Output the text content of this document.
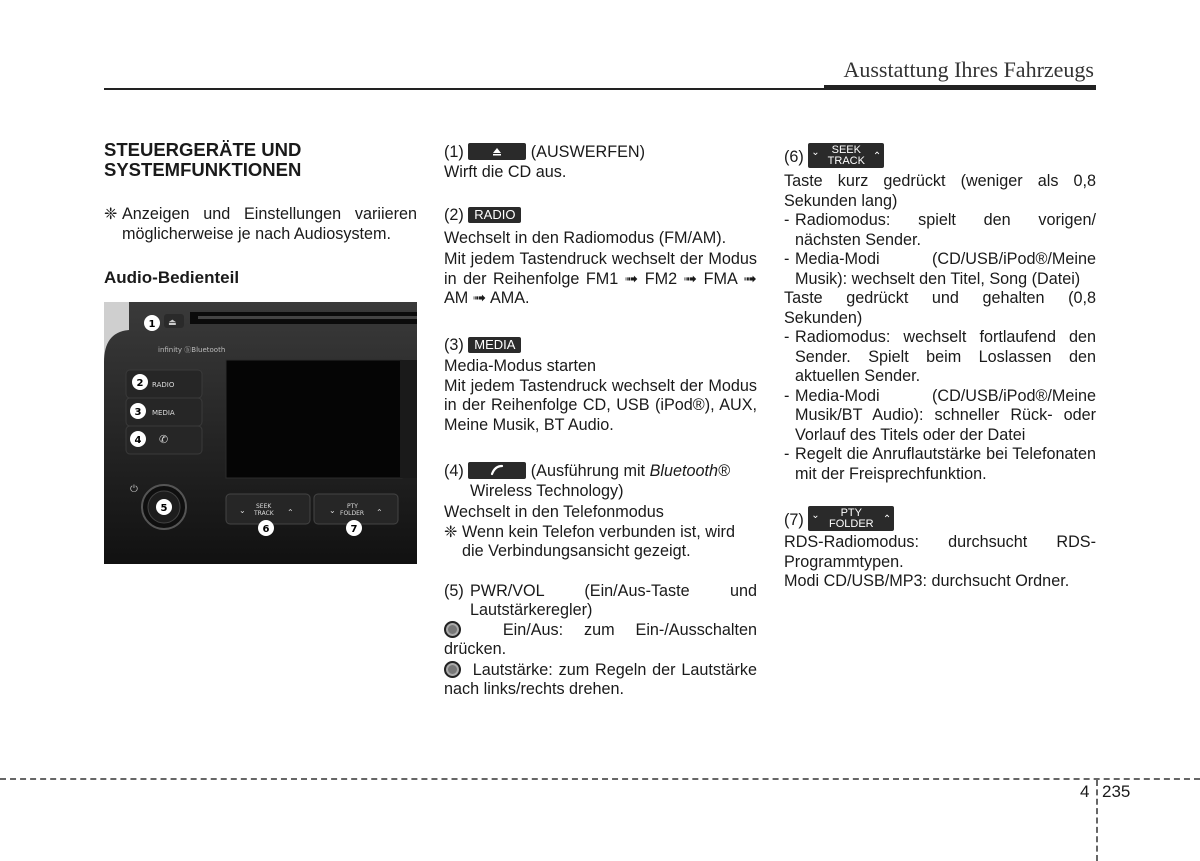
Ausstattung Ihres Fahrzeugs
STEUERGERÄTE UND
SYSTEMFUNKTIONEN
❈ Anzeigen und Einstellungen variieren möglicherweise je nach Audiosystem.
Audio-Bedienteil
⏏
RADIO
MEDIA
✆
infinity ⓑBluetooth
⏻
SEEK
TRACK
PTY
FOLDER
⌄	⌃	⌄	⌃
1
2
3
4
5
6	7
(1)	(AUSWERFEN)
Wirft die CD aus.
(2) RADIO
Wechselt in den Radiomodus (FM/AM).
Mit jedem Tastendruck wechselt der Modus in der Reihenfolge FM1 ➟ FM2 ➟ FMA ➟ AM ➟ AMA.
(3) MEDIA
Media-Modus starten
Mit jedem Tastendruck wechselt der Modus in der Reihenfolge CD, USB (iPod®), AUX, Meine Musik, BT Audio.
(4)	(Ausführung mit Bluetooth®
Wireless Technology)
Wechselt in den Telefonmodus
❈ Wenn kein Telefon verbunden ist, wird die Verbindungsansicht gezeigt.
(5) PWR/VOL (Ein/Aus-Taste und Lautstärkeregler)
Ein/Aus: zum Ein-/Ausschalten drücken.
Lautstärke: zum Regeln der Lautstärke nach links/rechts drehen.
(6) ⌄	SEEK
TRACK ⌃
Taste kurz gedrückt (weniger als 0,8 Sekunden lang)
- Radiomodus: spielt den vorigen/ nächsten Sender.
- Media-Modi (CD/USB/iPod®/Meine Musik): wechselt den Titel, Song (Datei)
Taste gedrückt und gehalten (0,8 Sekunden)
- Radiomodus: wechselt fortlaufend den Sender. Spielt beim Loslassen den aktuellen Sender.
- Media-Modi (CD/USB/iPod®/Meine Musik/BT Audio): schneller Rück- oder Vorlauf des Titels oder der Datei
- Regelt die Anruflautstärke bei Telefonaten mit der Freisprechfunktion.
(7) ⌄	PTY
FOLDER ⌃
RDS-Radiomodus: durchsucht RDS-Programmtypen.
Modi CD/USB/MP3: durchsucht Ordner.
4 235
